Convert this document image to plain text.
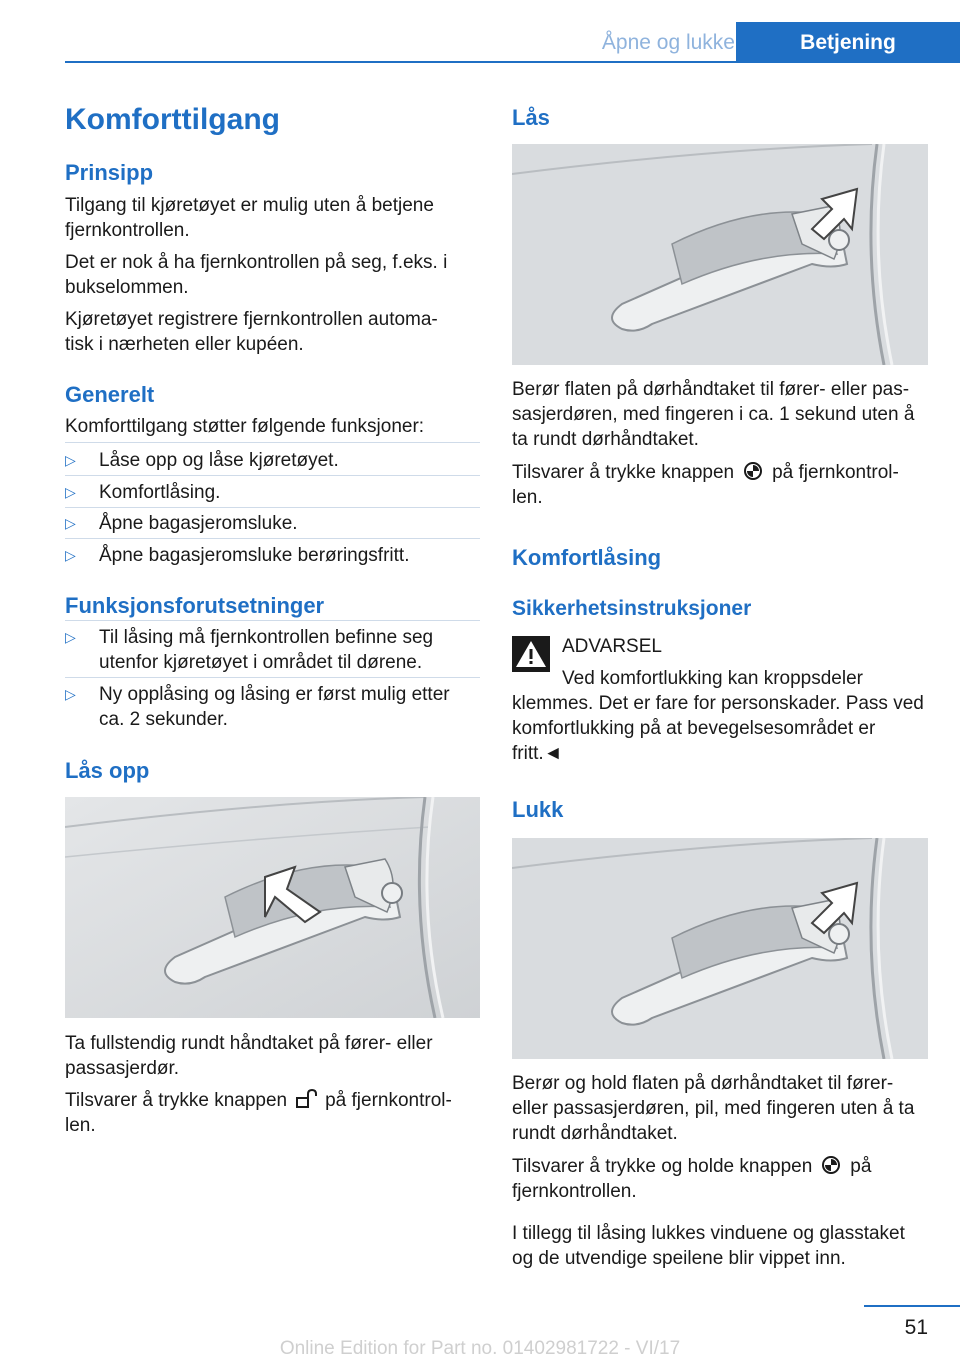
Åpne og lukke	Betjening
Komforttilgang
Prinsipp

Tilgang til kjøretøyet er mulig uten å betjene fjernkontrollen.

Det er nok å ha fjernkontrollen på seg, f.eks. i bukselommen.

Kjøretøyet registrere fjernkontrollen automa‐tisk i nærheten eller kupéen.

Generelt

Komforttilgang støtter følgende funksjoner:

▷	Låse opp og låse kjøretøyet.
▷	Komfortlåsing.
▷	Åpne bagasjeromsluke.
▷	Åpne bagasjeromsluke berøringsfritt.
Funksjonsforutsetninger
▷	Til låsing må fjernkontrollen befinne seg utenfor kjøretøyet i området til dørene.
▷	Ny opplåsing og låsing er først mulig etter ca. 2 sekunder.
Lås opp

Ta fullstendig rundt håndtaket på fører- eller passasjerdør.

Tilsvarer å trykke knappen på fjernkontrol‐len.

Lås

Berør flaten på dørhåndtaket til fører- eller pas‐sasjerdøren, med fingeren i ca. 1 sekund uten å ta rundt dørhåndtaket.

Tilsvarer å trykke knappen på fjernkontrol‐len.

Komfortlåsing
Sikkerhetsinstruksjoner

ADVARSEL

Ved komfortlukking kan kroppsdeler

klemmes. Det er fare for personskader. Pass ved komfortlukking på at bevegelsesområdet er fritt.◄

Lukk

Berør og hold flaten på dørhåndtaket til fører- eller passasjerdøren, pil, med fingeren uten å ta rundt dørhåndtaket.

Tilsvarer å trykke og holde knappen på fjernkontrollen.

I tillegg til låsing lukkes vinduene og glasstaket og de utvendige speilene blir vippet inn.

51
Online Edition for Part no. 01402981722 - VI/17
